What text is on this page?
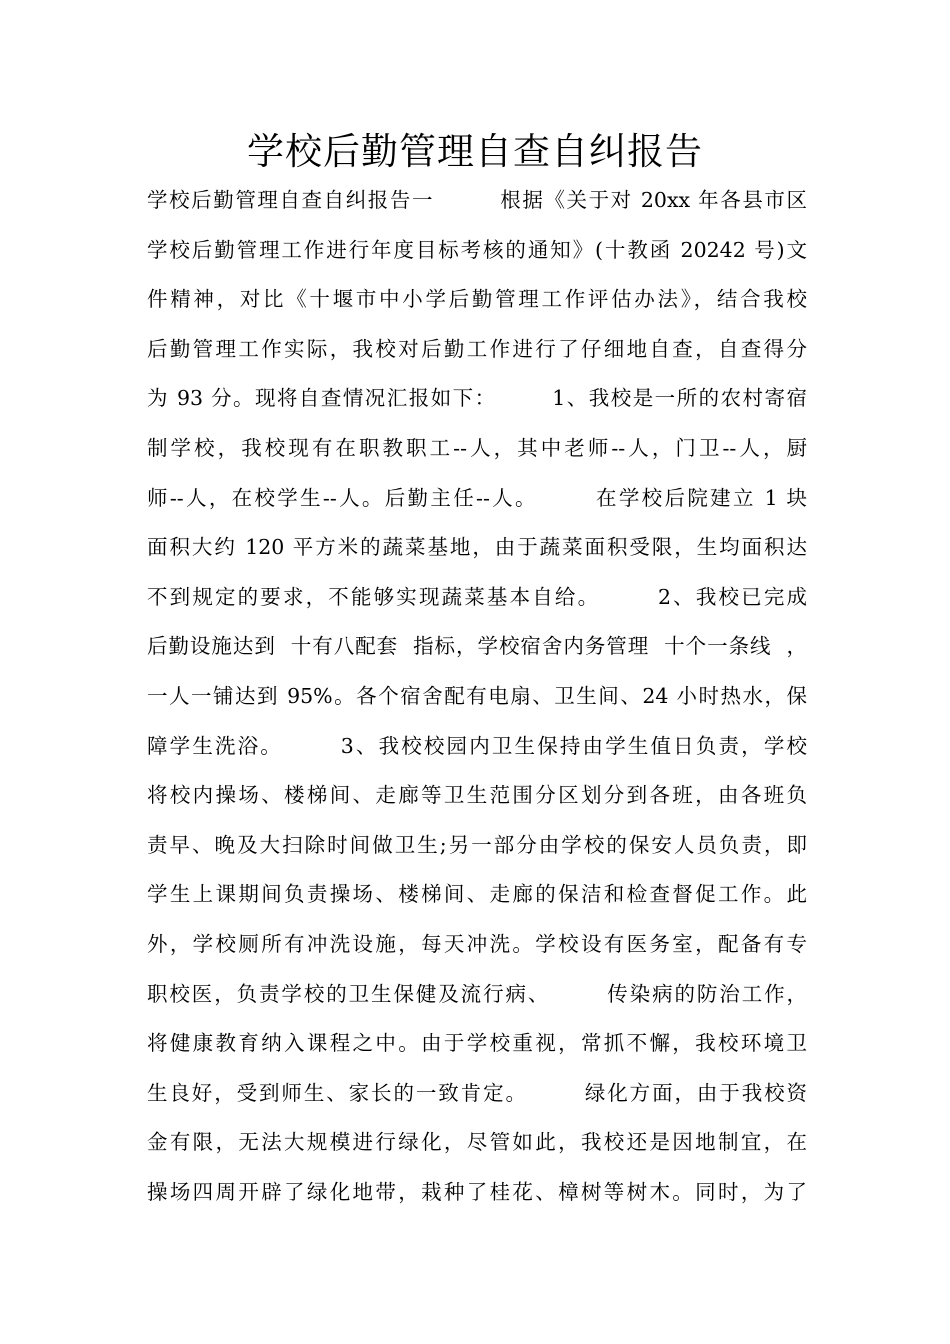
学校后勤管理自查自纠报告
学校后勤管理自查自纠报告一　　　根据《关于对 20xx 年各县市区
学校后勤管理工作进行年度目标考核的通知》(十教函 20242 号)文
件精神，对比《十堰市中小学后勤管理工作评估办法》，结合我校
后勤管理工作实际，我校对后勤工作进行了仔细地自查，自查得分
为 93 分。现将自查情况汇报如下：　　　1、我校是一所的农村寄宿
制学校，我校现有在职教职工--人，其中老师--人，门卫--人，厨
师--人，在校学生--人。后勤主任--人。　　　在学校后院建立 1 块
面积大约 120 平方米的蔬菜基地，由于蔬菜面积受限，生均面积达
不到规定的要求，不能够实现蔬菜基本自给。　　　2、我校已完成
后勤设施达到  十有八配套  指标，学校宿舍内务管理  十个一条线  ，
一人一铺达到 95%。各个宿舍配有电扇、卫生间、24 小时热水，保
障学生洗浴。　　　3、我校校园内卫生保持由学生值日负责，学校
将校内操场、楼梯间、走廊等卫生范围分区划分到各班，由各班负
责早、晚及大扫除时间做卫生;另一部分由学校的保安人员负责，即
学生上课期间负责操场、楼梯间、走廊的保洁和检查督促工作。此
外，学校厕所有冲洗设施，每天冲洗。学校设有医务室，配备有专
职校医，负责学校的卫生保健及流行病、　　　传染病的防治工作，
将健康教育纳入课程之中。由于学校重视，常抓不懈，我校环境卫
生良好，受到师生、家长的一致肯定。　　　绿化方面，由于我校资
金有限，无法大规模进行绿化，尽管如此，我校还是因地制宜，在
操场四周开辟了绿化地带，栽种了桂花、樟树等树木。同时，为了
